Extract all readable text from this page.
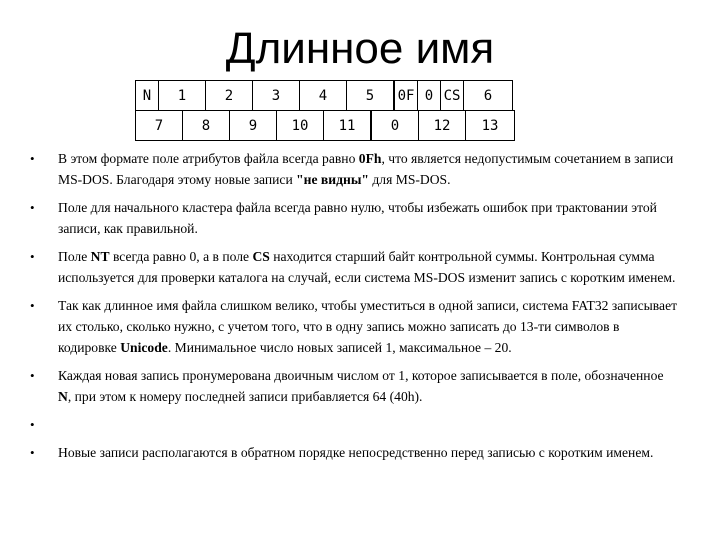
Длинное имя
N	1	2	3	4	5	0F	0	CS	6
7	8	9	10	11	0	12	13
• В этом формате поле атрибутов файла всегда равно 0Fh, что является недопустимым сочетанием в записи MS-DOS. Благодаря этому новые записи "не видны" для MS-DOS.
• Поле для начального кластера файла всегда равно нулю, чтобы избежать ошибок при трактовании этой записи, как правильной.
• Поле NT всегда равно 0, а в поле CS находится старший байт контрольной суммы. Контрольная сумма используется для проверки каталога на случай, если система MS-DOS изменит запись с коротким именем.
• Так как длинное имя файла слишком велико, чтобы уместиться в одной записи, система FAT32 записывает их столько, сколько нужно, с учетом того, что в одну запись можно записать до 13-ти символов в кодировке Unicode. Минимальное число новых записей 1, максимальное – 20.
• Каждая новая запись пронумерована двоичным числом от 1, которое записывается в поле, обозначенное N, при этом к номеру последней записи прибавляется 64 (40h).
•
• Новые записи располагаются в обратном порядке непосредственно перед записью с коротким именем.
